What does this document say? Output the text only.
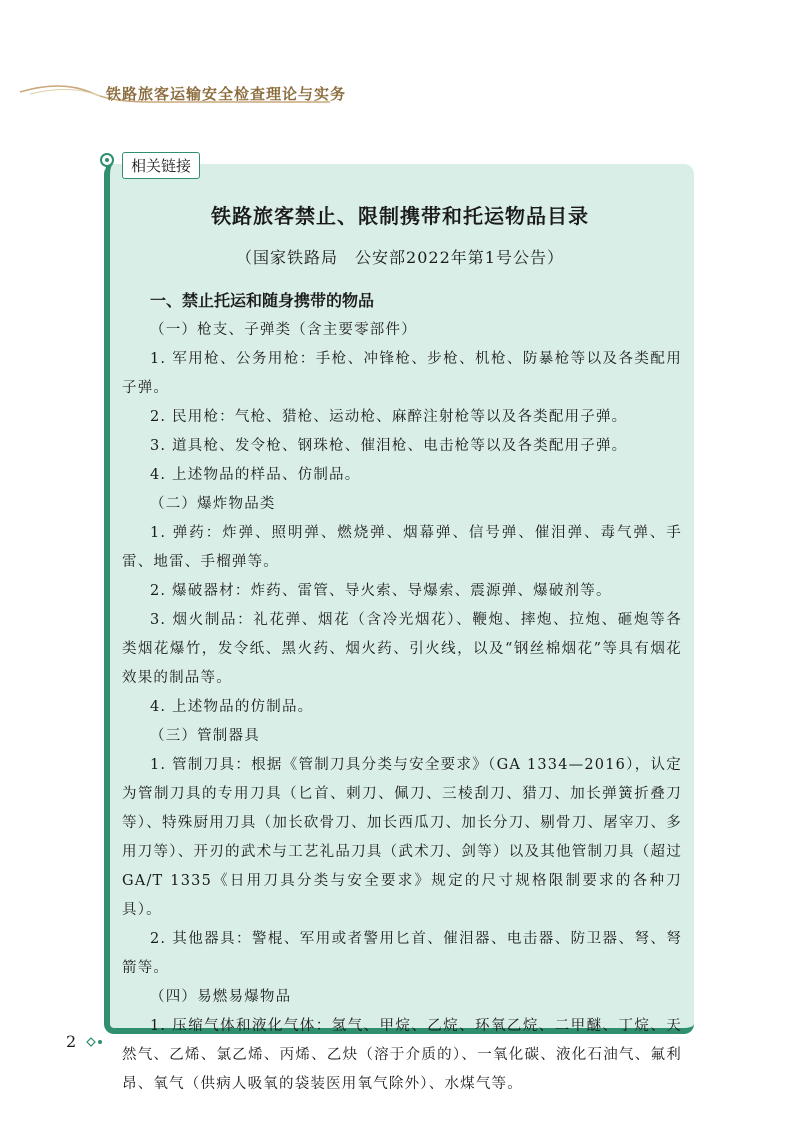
铁路旅客运输安全检查理论与实务
相关链接
铁路旅客禁止、限制携带和托运物品目录
（国家铁路局　公安部2022年第1号公告）
一、禁止托运和随身携带的物品

（一）枪支、子弹类（含主要零部件）

1. 军用枪、公务用枪：手枪、冲锋枪、步枪、机枪、防暴枪等以及各类配用子弹。

2. 民用枪：气枪、猎枪、运动枪、麻醉注射枪等以及各类配用子弹。

3. 道具枪、发令枪、钢珠枪、催泪枪、电击枪等以及各类配用子弹。

4. 上述物品的样品、仿制品。

（二）爆炸物品类

1. 弹药：炸弹、照明弹、燃烧弹、烟幕弹、信号弹、催泪弹、毒气弹、手雷、地雷、手榴弹等。

2. 爆破器材：炸药、雷管、导火索、导爆索、震源弹、爆破剂等。

3. 烟火制品：礼花弹、烟花（含冷光烟花）、鞭炮、摔炮、拉炮、砸炮等各类烟花爆竹，发令纸、黑火药、烟火药、引火线，以及“钢丝棉烟花”等具有烟花效果的制品等。

4. 上述物品的仿制品。

（三）管制器具

1. 管制刀具：根据《管制刀具分类与安全要求》（GA 1334—2016），认定为管制刀具的专用刀具（匕首、刺刀、佩刀、三棱刮刀、猎刀、加长弹簧折叠刀等）、特殊厨用刀具（加长砍骨刀、加长西瓜刀、加长分刀、剔骨刀、屠宰刀、多用刀等）、开刃的武术与工艺礼品刀具（武术刀、剑等）以及其他管制刀具（超过GA/T 1335《日用刀具分类与安全要求》规定的尺寸规格限制要求的各种刀具）。

2. 其他器具：警棍、军用或者警用匕首、催泪器、电击器、防卫器、弩、弩箭等。

（四）易燃易爆物品

1. 压缩气体和液化气体：氢气、甲烷、乙烷、环氧乙烷、二甲醚、丁烷、天然气、乙烯、氯乙烯、丙烯、乙炔（溶于介质的）、一氧化碳、液化石油气、氟利昂、氧气（供病人吸氧的袋装医用氧气除外）、水煤气等。

2
